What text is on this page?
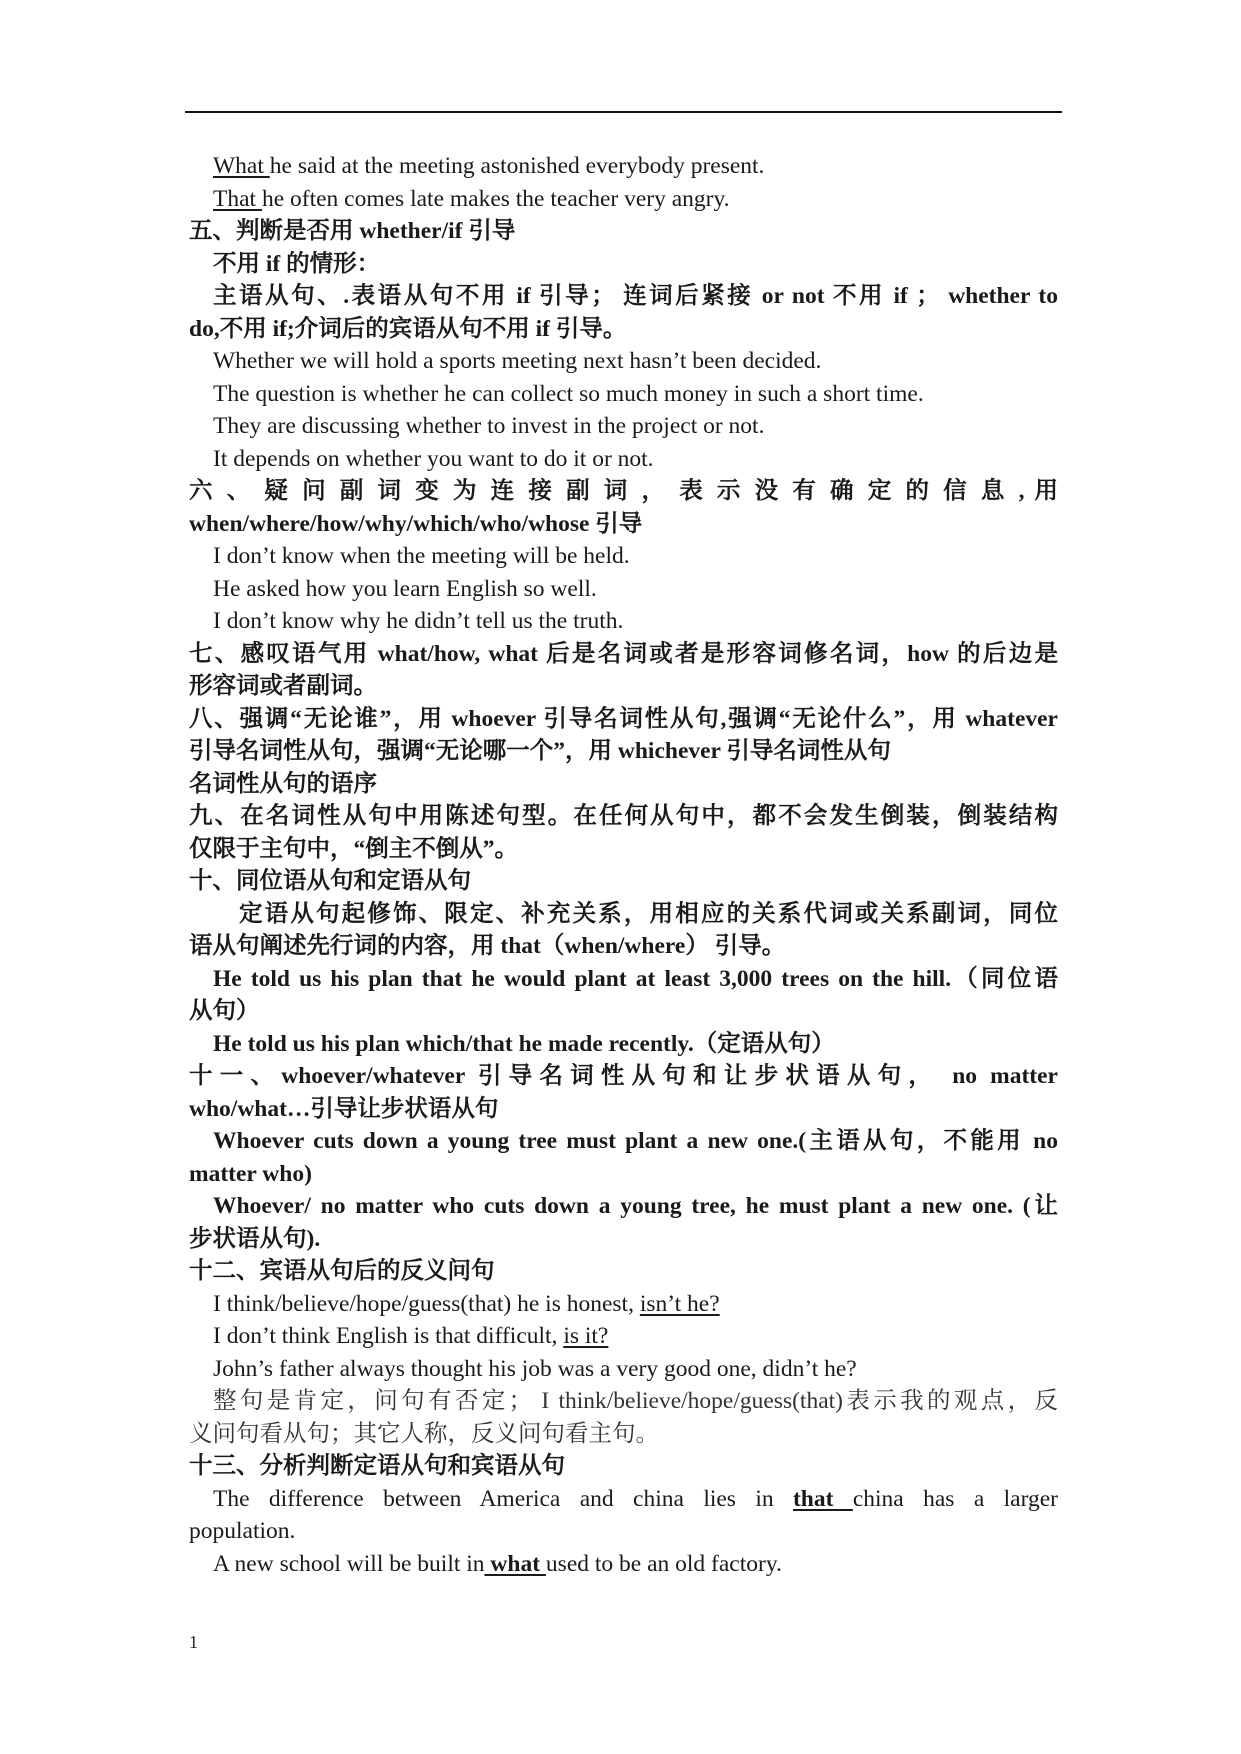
What he said at the meeting astonished everybody present.

That he often comes late makes the teacher very angry.

五、判断是否用 whether/if 引导

不用 if 的情形：

主语从句、.表语从句不用 if 引导； 连词后紧接 or not 不用 if ； whether to

do,不用 if;介词后的宾语从句不用 if 引导。

Whether we will hold a sports meeting next hasn’t been decided.

The question is whether he can collect so much money in such a short time.

They are discussing whether to invest in the project or not.

It depends on whether you want to do it or not.

六 、 疑 问 副 词 变 为 连 接 副 词 ， 表 示 没 有 确 定 的 信 息 , 用

when/where/how/why/which/who/whose 引导

I don’t know when the meeting will be held.

He asked how you learn English so well.

I don’t know why he didn’t tell us the truth.

七、感叹语气用 what/how, what 后是名词或者是形容词修名词，how 的后边是

形容词或者副词。

八、强调“无论谁”，用 whoever 引导名词性从句,强调“无论什么”，用 whatever

引导名词性从句，强调“无论哪一个”，用 whichever 引导名词性从句

名词性从句的语序

九、在名词性从句中用陈述句型。在任何从句中，都不会发生倒装，倒装结构

仅限于主句中，“倒主不倒从”。

十、同位语从句和定语从句

定语从句起修饰、限定、补充关系，用相应的关系代词或关系副词，同位

语从句阐述先行词的内容，用 that（when/where） 引导。

He told us his plan that he would plant at least 3,000 trees on the hill.（同位语

从句）

He told us his plan which/that he made recently.（定语从句）

十一、whoever/whatever 引导名词性从句和让步状语从句， no matter

who/what…引导让步状语从句

Whoever cuts down a young tree must plant a new one.(主语从句，不能用 no

matter who)

Whoever/ no matter who cuts down a young tree, he must plant a new one. (让

步状语从句).

十二、宾语从句后的反义问句

I think/believe/hope/guess(that) he is honest, isn’t he?

I don’t think English is that difficult, is it?

John’s father always thought his job was a very good one, didn’t he?

整句是肯定，问句有否定； I think/believe/hope/guess(that)表示我的观点，反

义问句看从句；其它人称，反义问句看主句。

十三、分析判断定语从句和宾语从句

The difference between America and china lies in that china has a larger

population.

A new school will be built in what used to be an old factory.

1
